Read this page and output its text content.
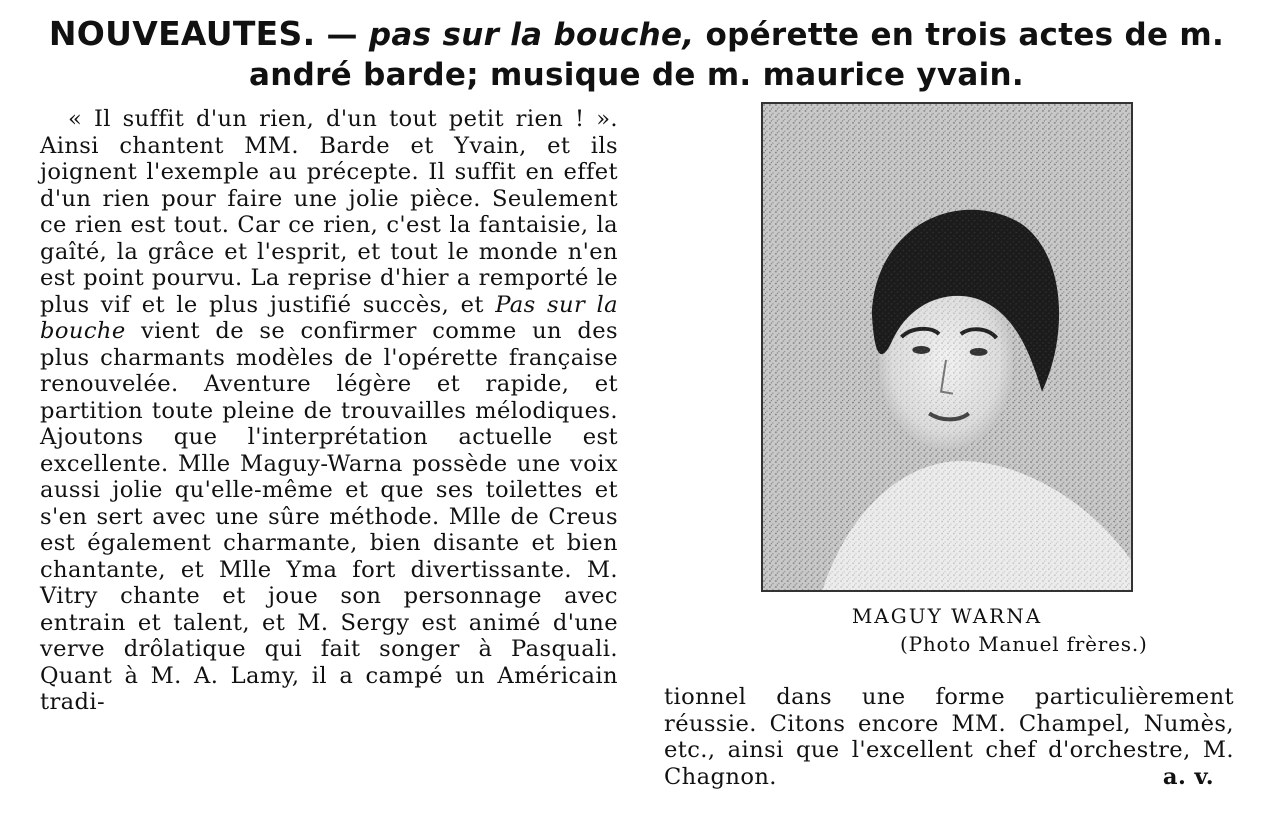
NOUVEAUTES. — pas sur la bouche, opérette en trois actes de m. andré barde; musique de m. maurice yvain.

« Il suffit d'un rien, d'un tout petit rien ! ». Ainsi chantent MM. Barde et Yvain, et ils joignent l'exemple au précepte. Il suffit en effet d'un rien pour faire une jolie pièce. Seulement ce rien est tout. Car ce rien, c'est la fantaisie, la gaîté, la grâce et l'esprit, et tout le monde n'en est point pourvu. La reprise d'hier a remporté le plus vif et le plus justifié succès, et Pas sur la bouche vient de se confirmer comme un des plus charmants modèles de l'opérette française renouvelée. Aventure légère et rapide, et partition toute pleine de trouvailles mélodiques. Ajoutons que l'interprétation actuelle est excellente. Mlle Maguy-Warna possède une voix aussi jolie qu'elle-même et que ses toilettes et s'en sert avec une sûre méthode. Mlle de Creus est également charmante, bien disante et bien chantante, et Mlle Yma fort divertissante. M. Vitry chante et joue son personnage avec entrain et talent, et M. Sergy est animé d'une verve drôlatique qui fait songer à Pasquali. Quant à M. A. Lamy, il a campé un Américain tradi-

MAGUY WARNA
(Photo Manuel frères.)

tionnel dans une forme particulièrement réussie. Citons encore MM. Champel, Numès, etc., ainsi que l'excellent chef d'orchestre, M. Chagnon.	a. v.
